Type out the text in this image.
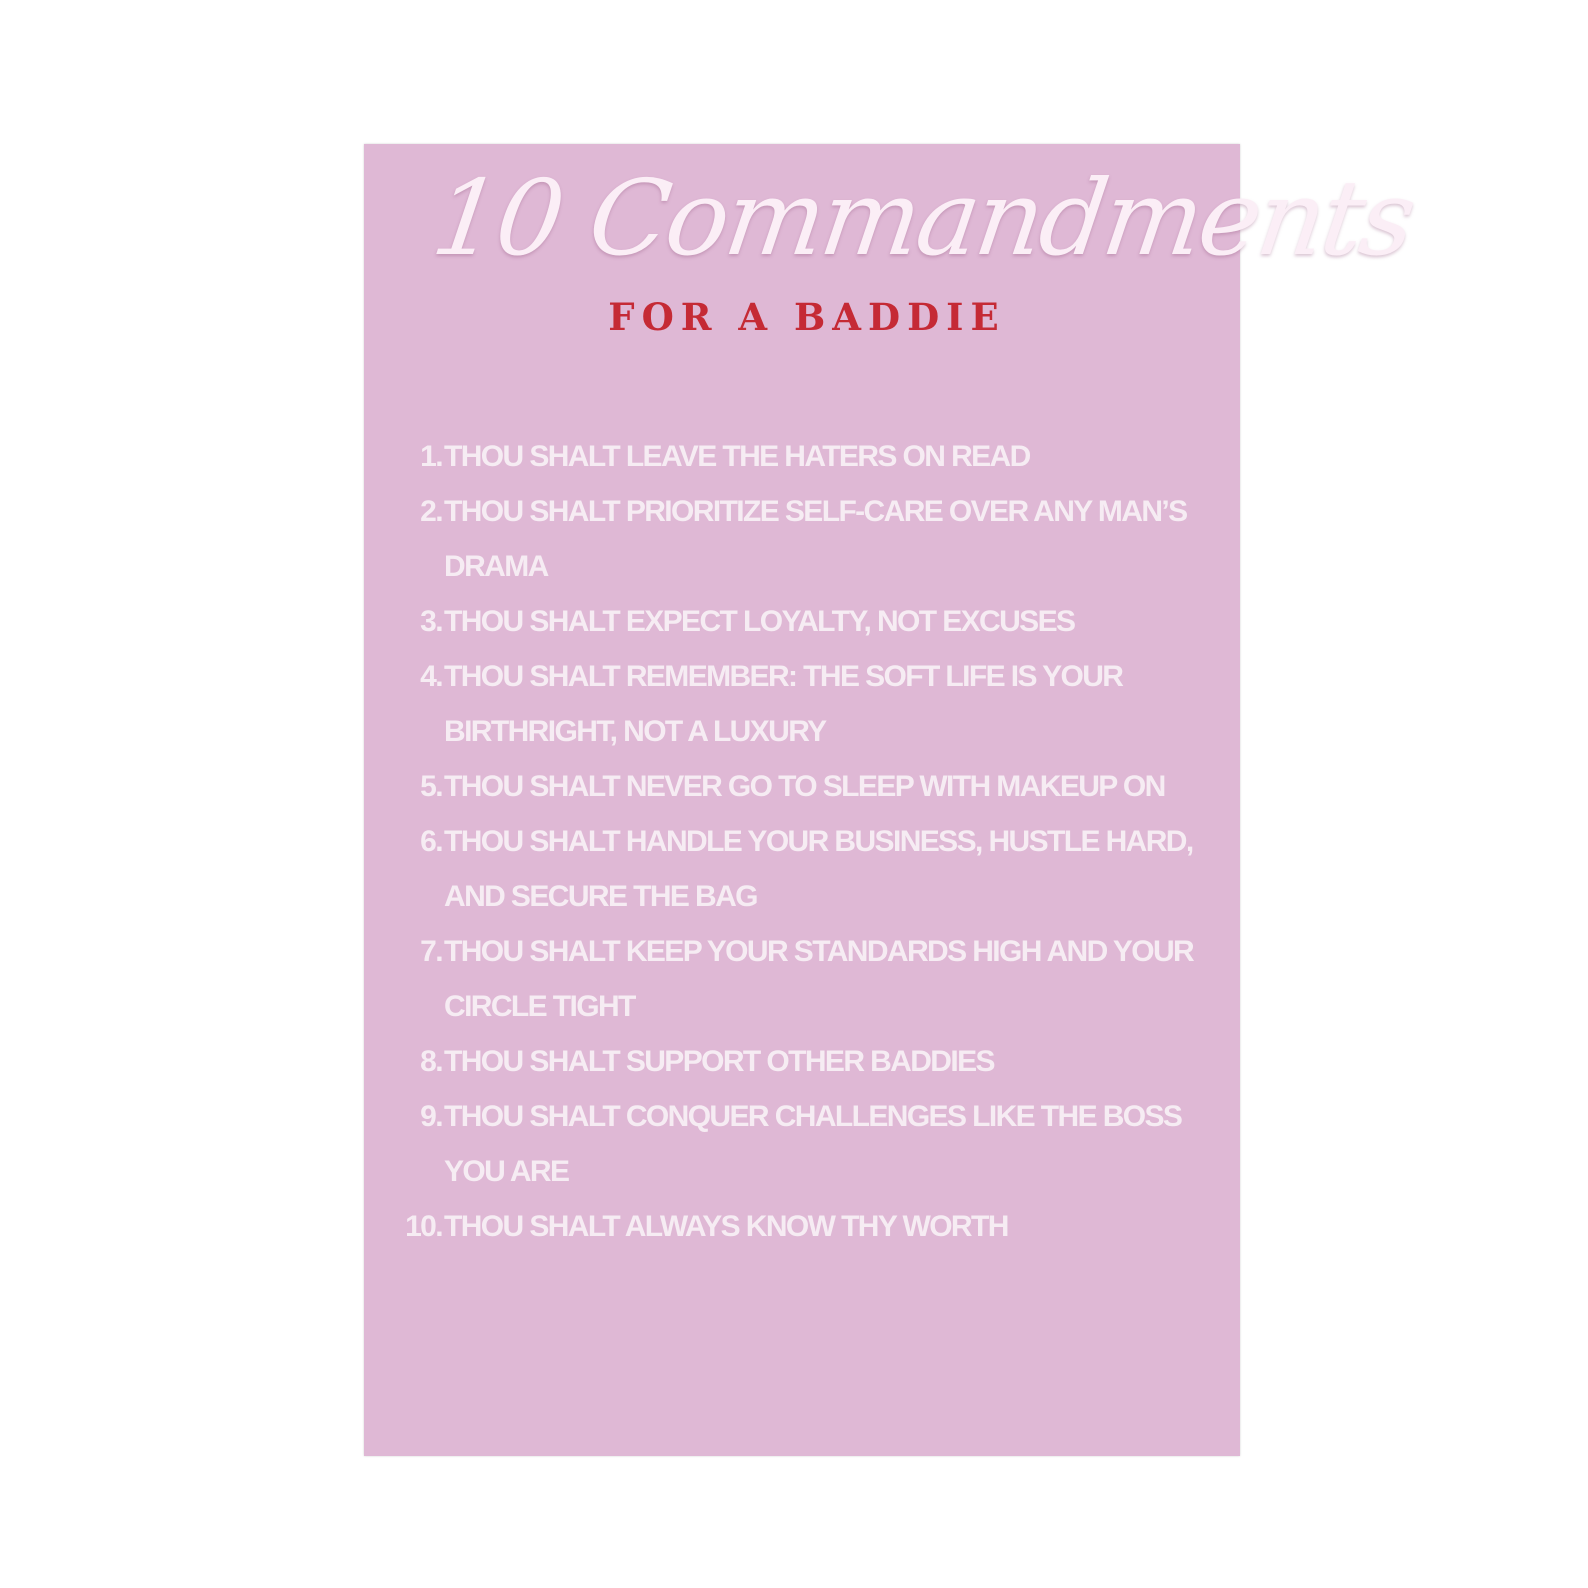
10 Commandments
FOR A BADDIE
1. THOU SHALT LEAVE THE HATERS ON READ
2. THOU SHALT PRIORITIZE SELF-CARE OVER ANY MAN’S DRAMA
3. THOU SHALT EXPECT LOYALTY, NOT EXCUSES
4. THOU SHALT REMEMBER: THE SOFT LIFE IS YOUR BIRTHRIGHT, NOT A LUXURY
5. THOU SHALT NEVER GO TO SLEEP WITH MAKEUP ON
6. THOU SHALT HANDLE YOUR BUSINESS, HUSTLE HARD, AND SECURE THE BAG
7. THOU SHALT KEEP YOUR STANDARDS HIGH AND YOUR CIRCLE TIGHT
8. THOU SHALT SUPPORT OTHER BADDIES
9. THOU SHALT CONQUER CHALLENGES LIKE THE BOSS YOU ARE
10. THOU SHALT ALWAYS KNOW THY WORTH
